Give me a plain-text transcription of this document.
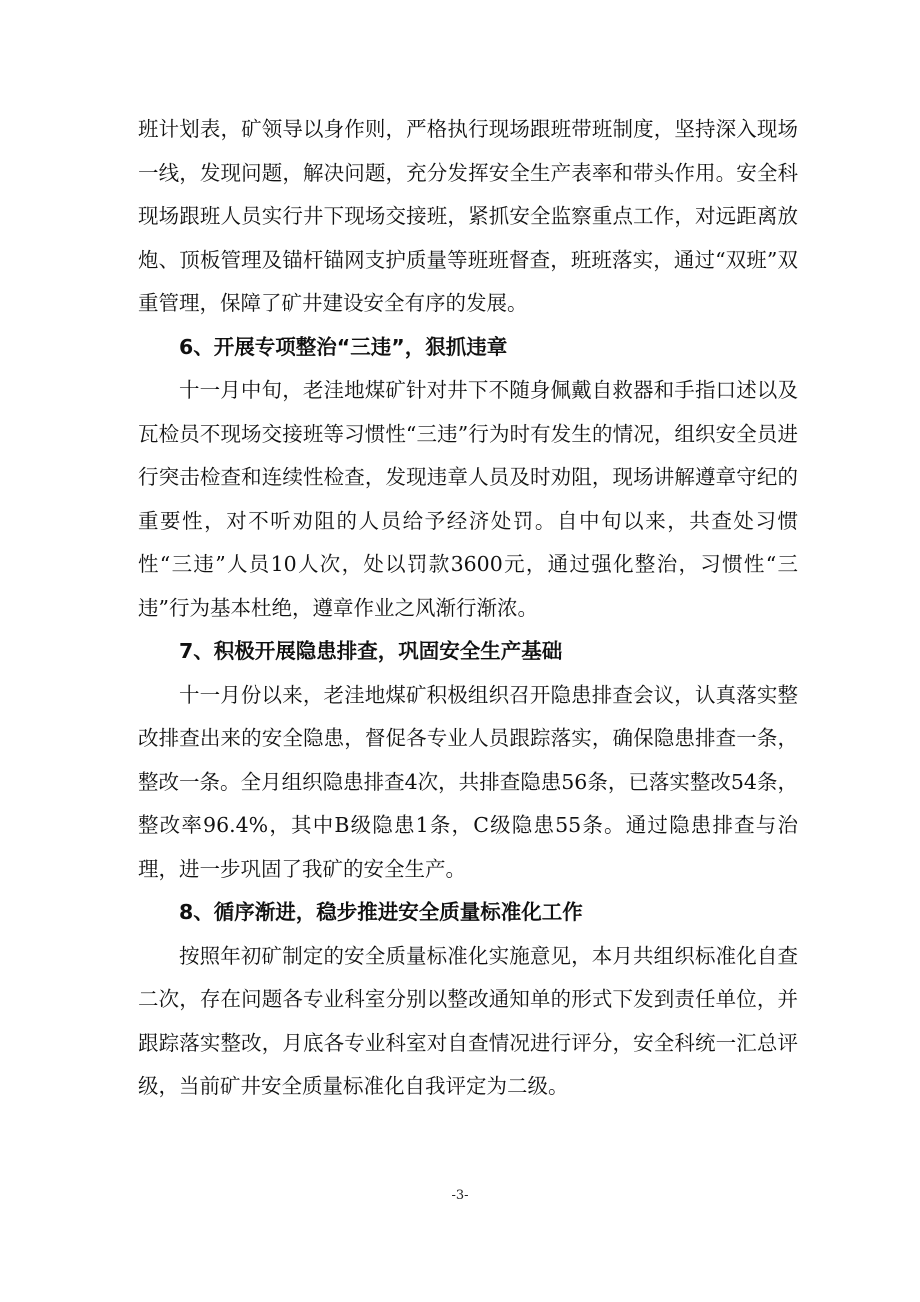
班计划表，矿领导以身作则，严格执行现场跟班带班制度，坚持深入现场一线，发现问题，解决问题，充分发挥安全生产表率和带头作用。安全科现场跟班人员实行井下现场交接班，紧抓安全监察重点工作，对远距离放炮、顶板管理及锚杆锚网支护质量等班班督查，班班落实，通过“双班”双重管理，保障了矿井建设安全有序的发展。

6、开展专项整治“三违”，狠抓违章

十一月中旬，老洼地煤矿针对井下不随身佩戴自救器和手指口述以及瓦检员不现场交接班等习惯性“三违”行为时有发生的情况，组织安全员进行突击检查和连续性检查，发现违章人员及时劝阻，现场讲解遵章守纪的重要性，对不听劝阻的人员给予经济处罚。自中旬以来，共查处习惯性“三违”人员10人次，处以罚款3600元，通过强化整治，习惯性“三违”行为基本杜绝，遵章作业之风渐行渐浓。

7、积极开展隐患排查，巩固安全生产基础

十一月份以来，老洼地煤矿积极组织召开隐患排查会议，认真落实整改排查出来的安全隐患，督促各专业人员跟踪落实，确保隐患排查一条，整改一条。全月组织隐患排查4次，共排查隐患56条，已落实整改54条，整改率96.4%，其中B级隐患1条，C级隐患55条。通过隐患排查与治理，进一步巩固了我矿的安全生产。

8、循序渐进，稳步推进安全质量标准化工作

按照年初矿制定的安全质量标准化实施意见，本月共组织标准化自查二次，存在问题各专业科室分别以整改通知单的形式下发到责任单位，并跟踪落实整改，月底各专业科室对自查情况进行评分，安全科统一汇总评级，当前矿井安全质量标准化自我评定为二级。

-3-
